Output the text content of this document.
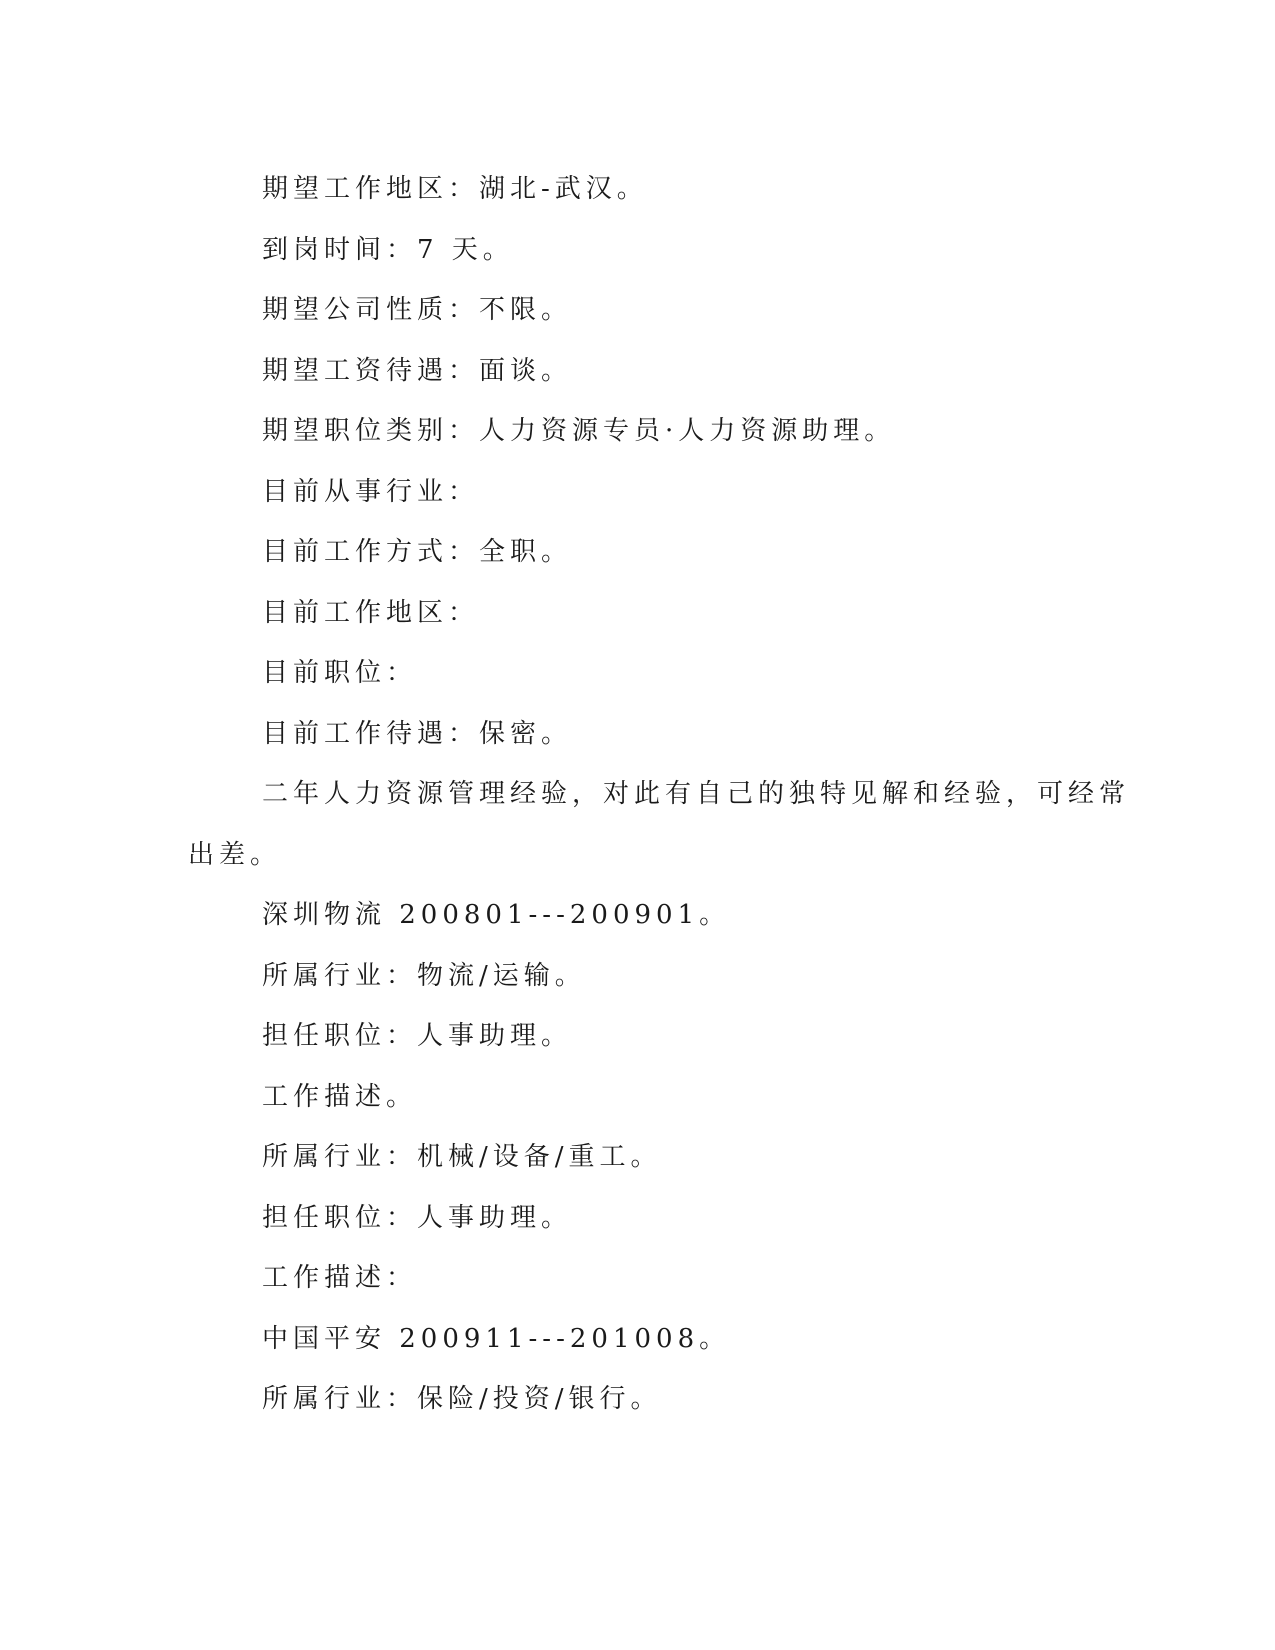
期望工作地区：湖北-武汉。
到岗时间：7 天。
期望公司性质：不限。
期望工资待遇：面谈。
期望职位类别：人力资源专员·人力资源助理。
目前从事行业：
目前工作方式：全职。
目前工作地区：
目前职位：
目前工作待遇：保密。
二年人力资源管理经验，对此有自己的独特见解和经验，可经常
出差。
深圳物流 200801---200901。
所属行业：物流/运输。
担任职位：人事助理。
工作描述。
所属行业：机械/设备/重工。
担任职位：人事助理。
工作描述：
中国平安 200911---201008。
所属行业：保险/投资/银行。
